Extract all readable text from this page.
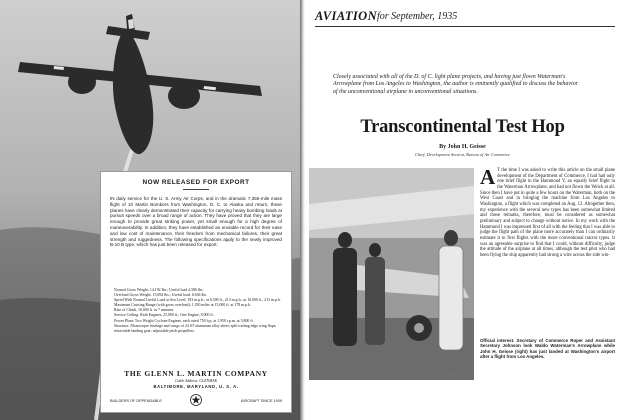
NOW RELEASED FOR EXPORT
IN daily service for the U. S. Army Air Corps, and in the dramatic 7,355-mile mass flight of 10 Martin Bombers from Washington, D. C. to Alaska and return, these planes have clearly demonstrated their capacity for carrying heavy bombing loads at pursuit speeds over a broad range of action. They have proved that they are large enough to provide great striking power, yet small enough for a high degree of maneuverability. In addition, they have established an enviable record for their ease and low cost of maintenance, their freedom from mechanical failures, their great strength and ruggedness. The following specifications apply to the newly improved B-10 B type, which has just been released for export:
Normal Gross Weight, 14,192 lbs.; Useful load 4,586 lbs.
Overload Gross Weight, 15,894 lbs.; Useful load, 6,636 lbs.
Speed With Normal Useful Load at Sea Level, 193 m.p.h.; at 6,500 ft., 213 m.p.h.; at 10,000 ft., 213 m.p.h.
Maximum Cruising Range (with gross overload), 1,350 miles at 15,000 ft. at 178 m.p.h.
Rate of Climb, 10,000 ft. in 7 minutes.
Service Ceiling: Both Engines, 25,000 ft.; One Engine, 8,000 ft.
Power Plant: Two Wright Cyclone Engines, each rated 750 h.p. at 1,950 r.p.m. at 5,800 ft.
Structure: Monocoque fuselage and wings of 24 ST aluminum alloy sheet; split trailing edge wing flaps; retractable landing gear; adjustable pitch propellers.
THE GLENN L. MARTIN COMPANY
Cable Address: GLENMAR
BALTIMORE, MARYLAND, U. S. A.
BUILDERS OF DEPENDABLE	AIRCRAFT SINCE 1909
AVIATION for September, 1935
Closely associated with all of the D. of C. light plane projects, and having just flown Waterman's Arrowplane from Los Angeles to Washington, the author is eminently qualified to discuss the behavior of the unconventional airplane in unconventional situations.
Transcontinental Test Hop
By John H. Geisse
Chief, Development Section, Bureau of Air Commerce
AVIAT.
A T the time I was asked to write this article on the small plane development of the Department of Commerce, I had had only one brief flight in the Hammond Y, an equally brief flight in the Waterman Arrowplane, and had not flown the Weick at all. Since then I have put in quite a few hours on the Waterman, both on the West Coast and in bringing the machine from Los Angeles to Washington, a flight which was completed on Aug. 12. Altogether then, my experience with the several new types has been somewhat limited and those remarks, therefore, must be considered as somewhat preliminary and subject to change without notice. In my work with the Hammond I was impressed first of all with the feeling that I was able to judge the flight path of the plane more accurately than I can ordinarily estimate it in first flights with the more conventional tractor types. It was an agreeable surprise to find that I could, without difficulty, judge the attitude of the airplane at all times, although the test pilot who had been flying the ship apparently had strong a wire across the side win-
Official interest. Secretary of Commerce Roper and Assistant Secretary Johnson look Waldo Waterman's Arrowplane while John H. Geisse (right) has just landed at Washington's airport after a flight from Los Angeles.
